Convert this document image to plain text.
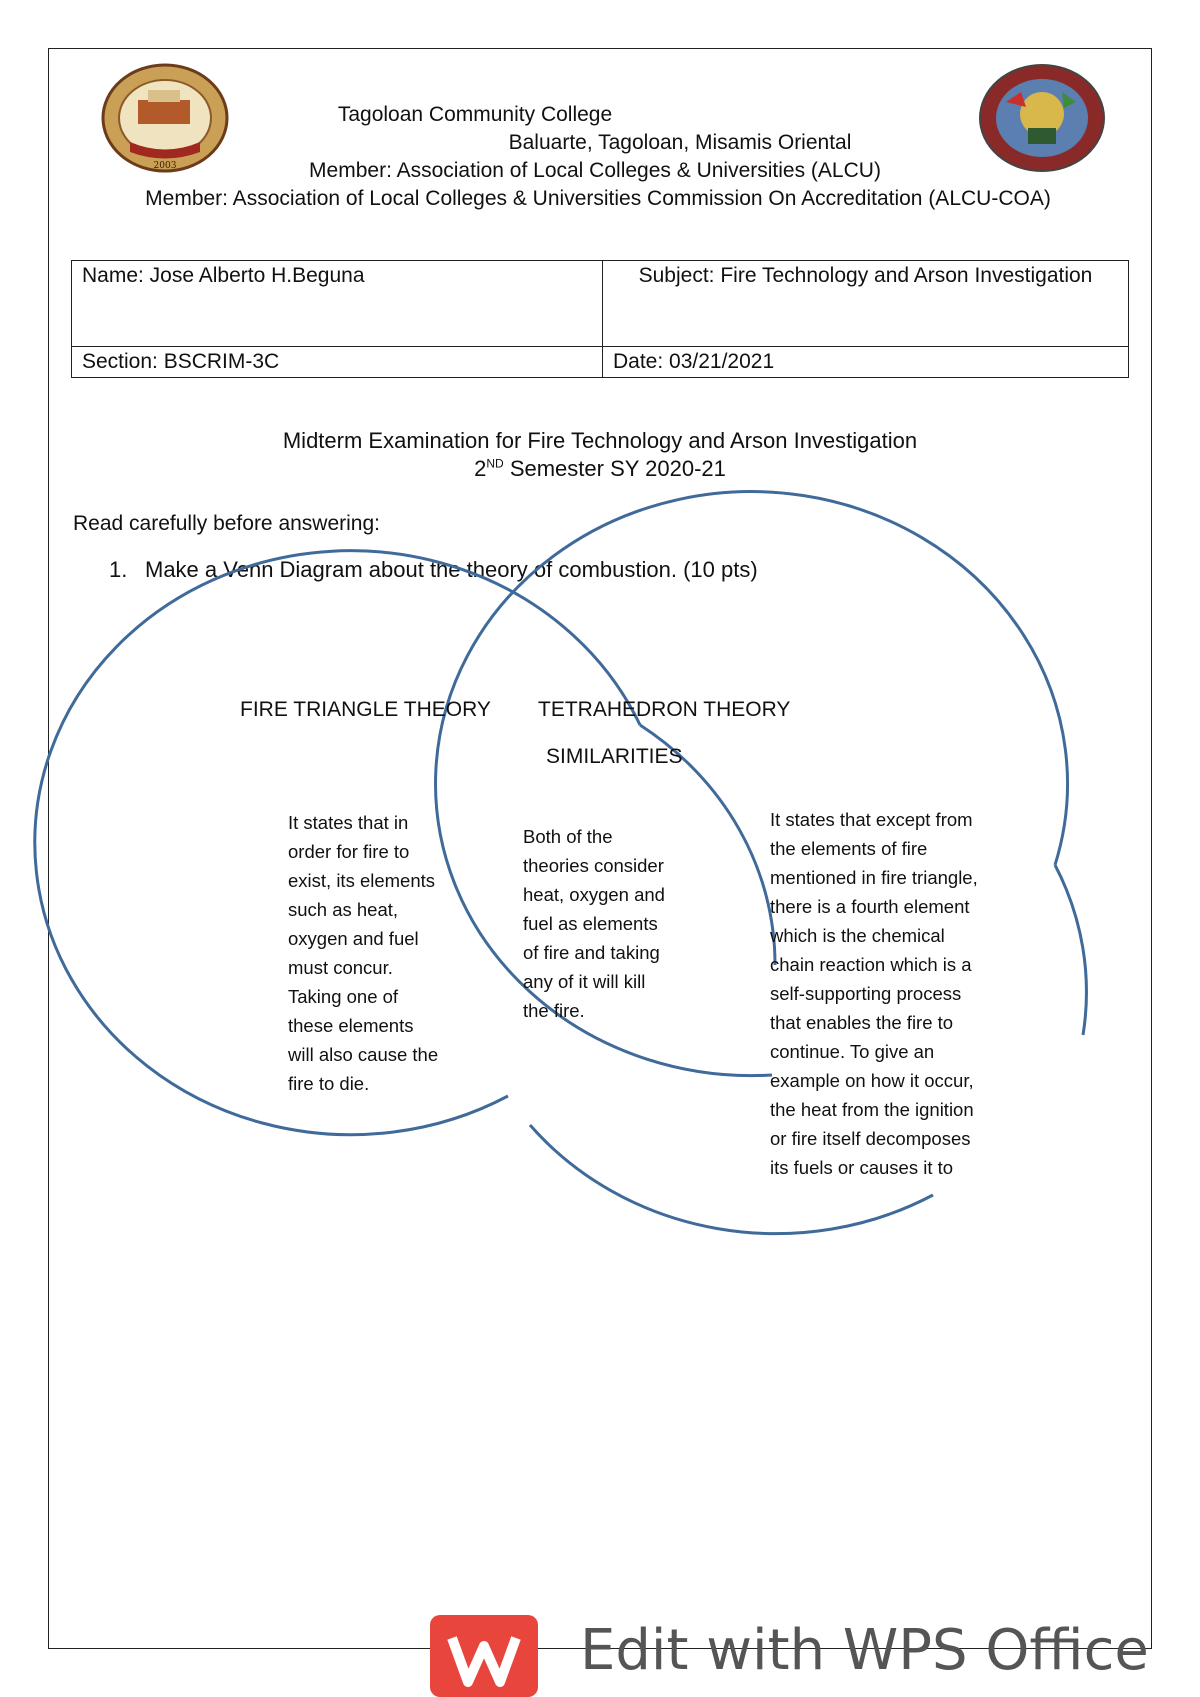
2003
Tagoloan Community College
Baluarte, Tagoloan, Misamis Oriental
Member: Association of Local Colleges & Universities (ALCU)
Member: Association of Local Colleges & Universities Commission On Accreditation (ALCU-COA)
Name: Jose Alberto H.Beguna	Subject: Fire Technology and Arson Investigation
Section: BSCRIM-3C	Date: 03/21/2021
Midterm Examination for Fire Technology and Arson Investigation
2ND Semester SY 2020-21
Read carefully before answering:
1. Make a Venn Diagram about the theory of combustion. (10 pts)
FIRE TRIANGLE THEORY TETRAHEDRON THEORY
SIMILARITIES
It states that in
order for fire to
exist, its elements
such as heat,
oxygen and fuel
must concur.
Taking one of
these elements
will also cause the
fire to die.
Both of the
theories consider
heat, oxygen and
fuel as elements
of fire and taking
any of it will kill
the fire.
It states that except from
the elements of fire
mentioned in fire triangle,
there is a fourth element
which is the chemical
chain reaction which is a
self-supporting process
that enables the fire to
continue. To give an
example on how it occur,
the heat from the ignition
or fire itself decomposes
its fuels or causes it to
Edit with WPS Office
